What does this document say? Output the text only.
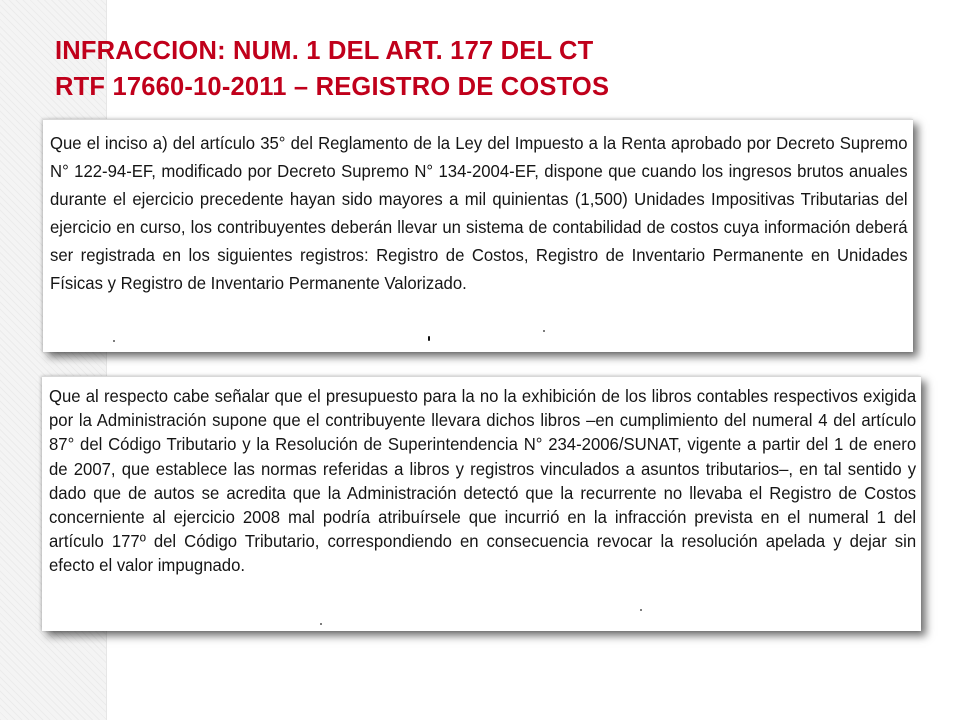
INFRACCION: NUM. 1 DEL ART. 177 DEL CT
RTF 17660-10-2011 – REGISTRO DE COSTOS

Que el inciso a) del artículo 35° del Reglamento de la Ley del Impuesto a la Renta aprobado por Decreto Supremo N° 122-94-EF, modificado por Decreto Supremo N° 134-2004-EF, dispone que cuando los ingresos brutos anuales durante el ejercicio precedente hayan sido mayores a mil quinientas (1,500) Unidades Impositivas Tributarias del ejercicio en curso, los contribuyentes deberán llevar un sistema de contabilidad de costos cuya información deberá ser registrada en los siguientes registros: Registro de Costos, Registro de Inventario Permanente en Unidades Físicas y Registro de Inventario Permanente Valorizado.

Que al respecto cabe señalar que el presupuesto para la no la exhibición de los libros contables respectivos exigida por la Administración supone que el contribuyente llevara dichos libros –en cumplimiento del numeral 4 del artículo 87° del Código Tributario y la Resolución de Superintendencia N° 234-2006/SUNAT, vigente a partir del 1 de enero de 2007, que establece las normas referidas a libros y registros vinculados a asuntos tributarios–, en tal sentido y dado que de autos se acredita que la Administración detectó que la recurrente no llevaba el Registro de Costos concerniente al ejercicio 2008 mal podría atribuírsele que incurrió en la infracción prevista en el numeral 1 del artículo 177º del Código Tributario, correspondiendo en consecuencia revocar la resolución apelada y dejar sin efecto el valor impugnado.
